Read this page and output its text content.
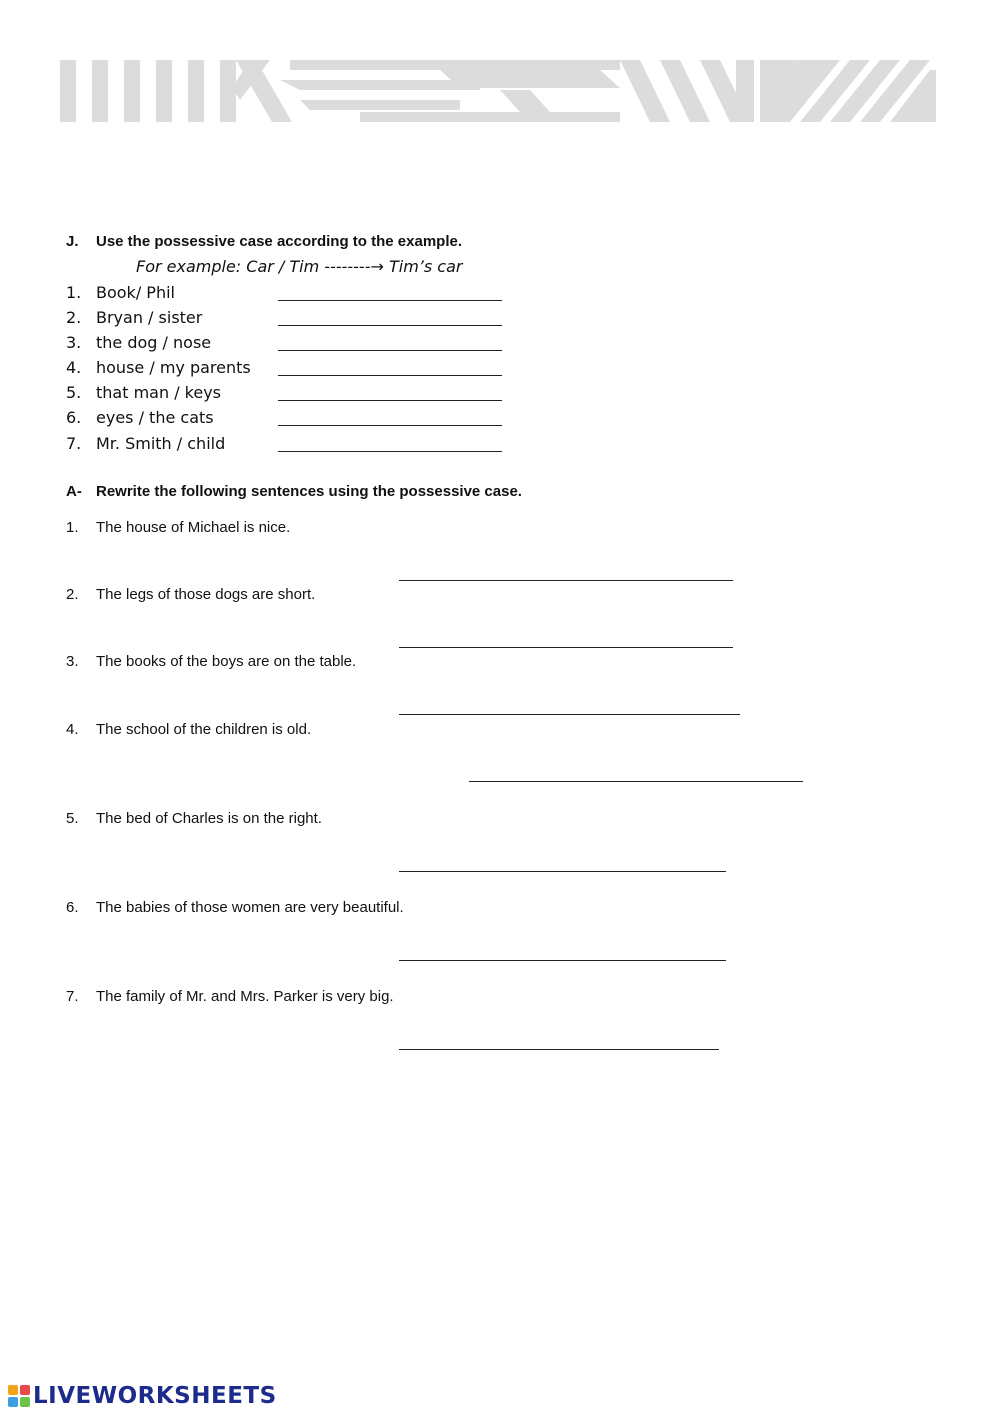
J. Use the possessive case according to the example.
For example: Car / Tim --------→ Tim’s car
1. Book/ Phil
2. Bryan / sister
3. the dog / nose
4. house / my parents
5. that man / keys
6. eyes / the cats
7. Mr. Smith / child
A- Rewrite the following sentences using the possessive case.
1. The house of Michael is nice.
2. The legs of those dogs are short.
3. The books of the boys are on the table.
4. The school of the children is old.
5. The bed of Charles is on the right.
6. The babies of those women are very beautiful.
7. The family of Mr. and Mrs. Parker is very big.
LIVEWORKSHEETS
